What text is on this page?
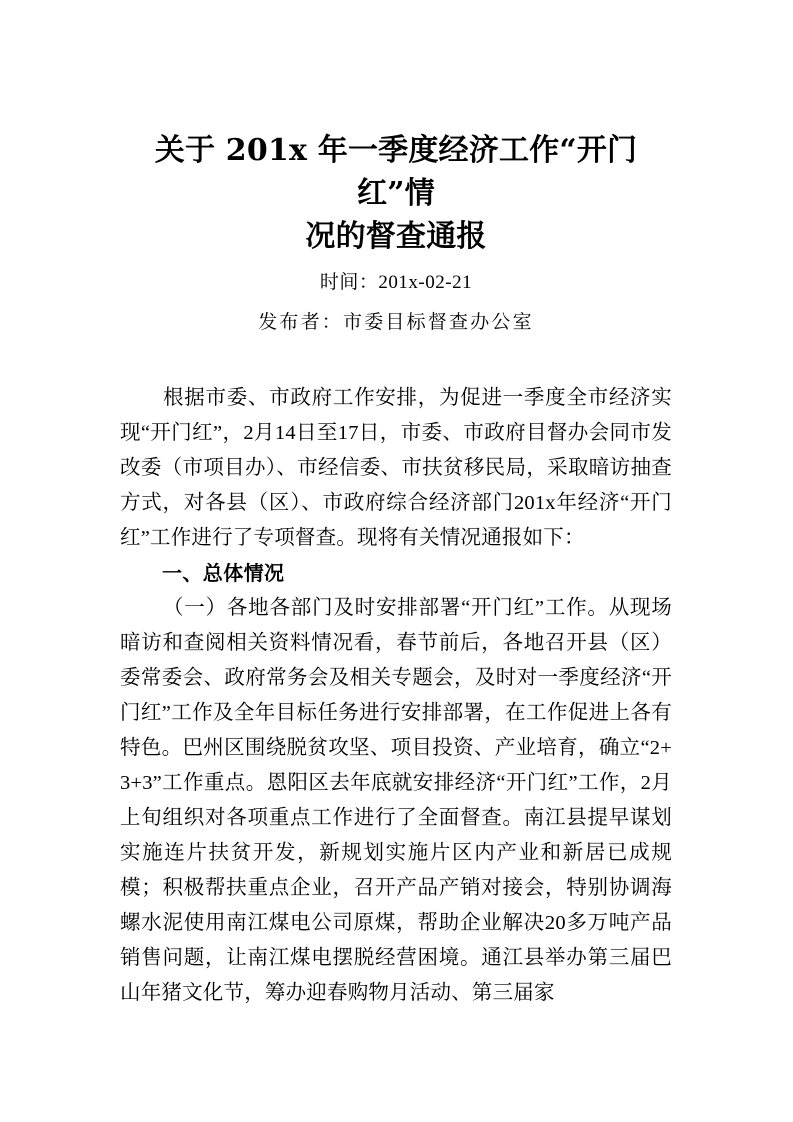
关于 201x 年一季度经济工作“开门红”情
况的督查通报

时间：201x-02-21

发布者：市委目标督查办公室

根据市委、市政府工作安排，为促进一季度全市经济实现“开门红”，2月14日至17日，市委、市政府目督办会同市发改委（市项目办）、市经信委、市扶贫移民局，采取暗访抽查方式，对各县（区）、市政府综合经济部门201x年经济“开门红”工作进行了专项督查。现将有关情况通报如下：

一、总体情况

（一）各地各部门及时安排部署“开门红”工作。从现场暗访和查阅相关资料情况看，春节前后，各地召开县（区）委常委会、政府常务会及相关专题会，及时对一季度经济“开门红”工作及全年目标任务进行安排部署，在工作促进上各有特色。巴州区围绕脱贫攻坚、项目投资、产业培育，确立“2+3+3”工作重点。恩阳区去年底就安排经济“开门红”工作，2月上旬组织对各项重点工作进行了全面督查。南江县提早谋划实施连片扶贫开发，新规划实施片区内产业和新居已成规模；积极帮扶重点企业，召开产品产销对接会，特别协调海螺水泥使用南江煤电公司原煤，帮助企业解决20多万吨产品销售问题，让南江煤电摆脱经营困境。通江县举办第三届巴山年猪文化节，筹办迎春购物月活动、第三届家
